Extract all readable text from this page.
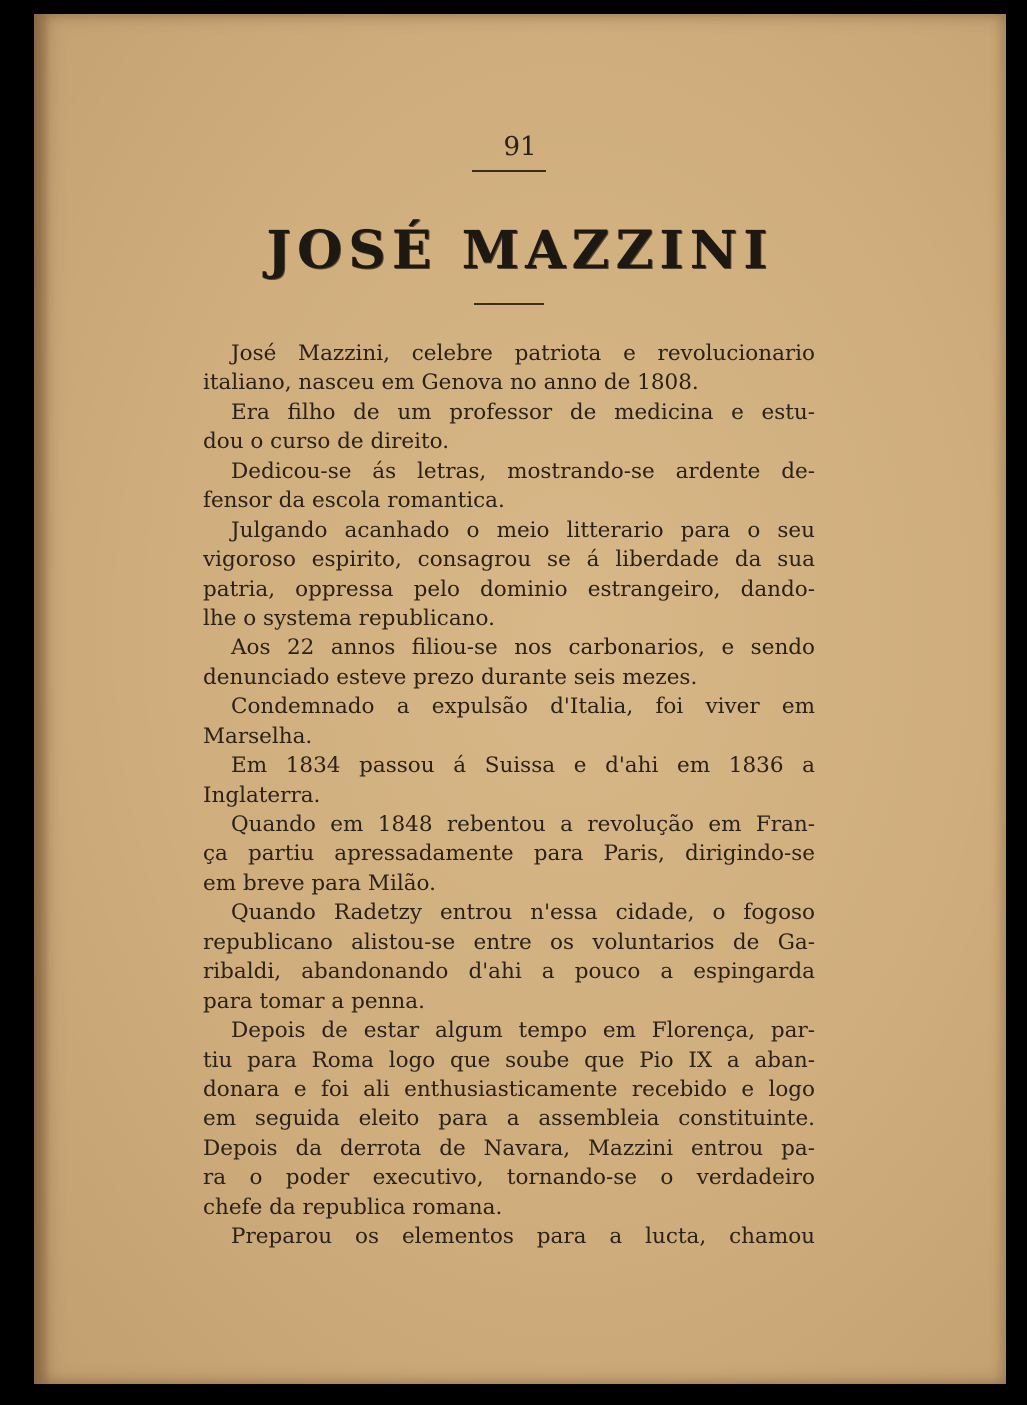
91
JOSÉ MAZZINI
José Mazzini, celebre patriota e revolucionario
italiano, nasceu em Genova no anno de 1808.
Era filho de um professor de medicina e estu-
dou o curso de direito.
Dedicou-se ás letras, mostrando-se ardente de-
fensor da escola romantica.
Julgando acanhado o meio litterario para o seu
vigoroso espirito, consagrou se á liberdade da sua
patria, oppressa pelo dominio estrangeiro, dando-
lhe o systema republicano.
Aos 22 annos filiou-se nos carbonarios, e sendo
denunciado esteve prezo durante seis mezes.
Condemnado a expulsão d'Italia, foi viver em
Marselha.
Em 1834 passou á Suissa e d'ahi em 1836 a
Inglaterra.
Quando em 1848 rebentou a revolução em Fran-
ça partiu apressadamente para Paris, dirigindo-se
em breve para Milão.
Quando Radetzy entrou n'essa cidade, o fogoso
republicano alistou-se entre os voluntarios de Ga-
ribaldi, abandonando d'ahi a pouco a espingarda
para tomar a penna.
Depois de estar algum tempo em Florença, par-
tiu para Roma logo que soube que Pio IX a aban-
donara e foi ali enthusiasticamente recebido e logo
em seguida eleito para a assembleia constituinte.
Depois da derrota de Navara, Mazzini entrou pa-
ra o poder executivo, tornando-se o verdadeiro
chefe da republica romana.
Preparou os elementos para a lucta, chamou
